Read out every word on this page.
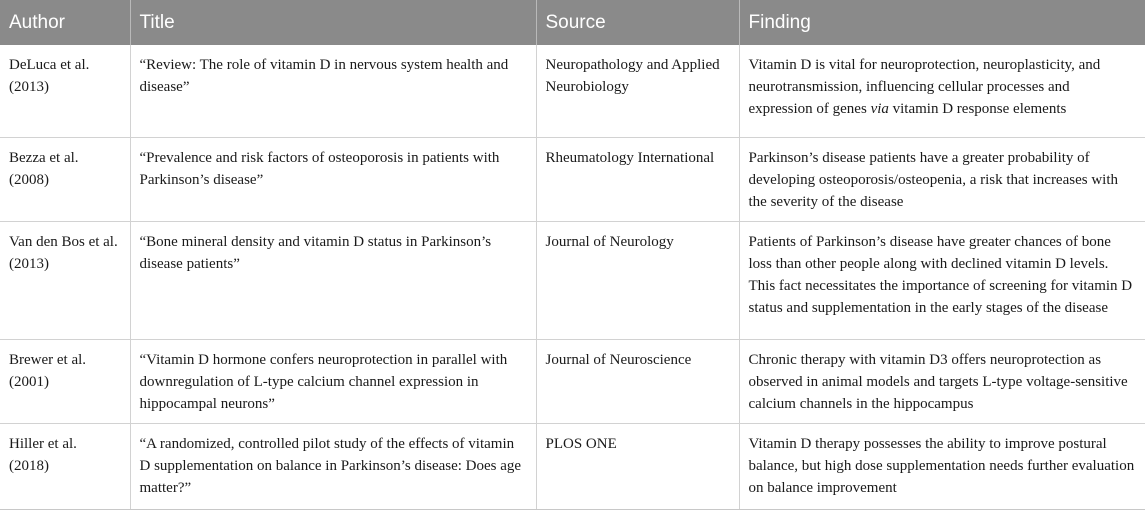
Author	Title	Source	Finding
DeLuca et al. (2013)	“Review: The role of vitamin D in nervous system health and disease”	Neuropathology and Applied Neurobiology	Vitamin D is vital for neuroprotection, neuroplasticity, and neurotransmission, influencing cellular processes and expression of genes via vitamin D response elements
Bezza et al. (2008)	“Prevalence and risk factors of osteoporosis in patients with Parkinson’s disease”	Rheumatology International	Parkinson’s disease patients have a greater probability of developing osteoporosis/osteopenia, a risk that increases with the severity of the disease
Van den Bos et al. (2013)	“Bone mineral density and vitamin D status in Parkinson’s disease patients”	Journal of Neurology	Patients of Parkinson’s disease have greater chances of bone loss than other people along with declined vitamin D levels. This fact necessitates the importance of screening for vitamin D status and supplementation in the early stages of the disease
Brewer et al. (2001)	“Vitamin D hormone confers neuroprotection in parallel with downregulation of L-type calcium channel expression in hippocampal neurons”	Journal of Neuroscience	Chronic therapy with vitamin D3 offers neuroprotection as observed in animal models and targets L-type voltage-sensitive calcium channels in the hippocampus
Hiller et al. (2018)	“A randomized, controlled pilot study of the effects of vitamin D supplementation on balance in Parkinson’s disease: Does age matter?”	PLOS ONE	Vitamin D therapy possesses the ability to improve postural balance, but high dose supplementation needs further evaluation on balance improvement
